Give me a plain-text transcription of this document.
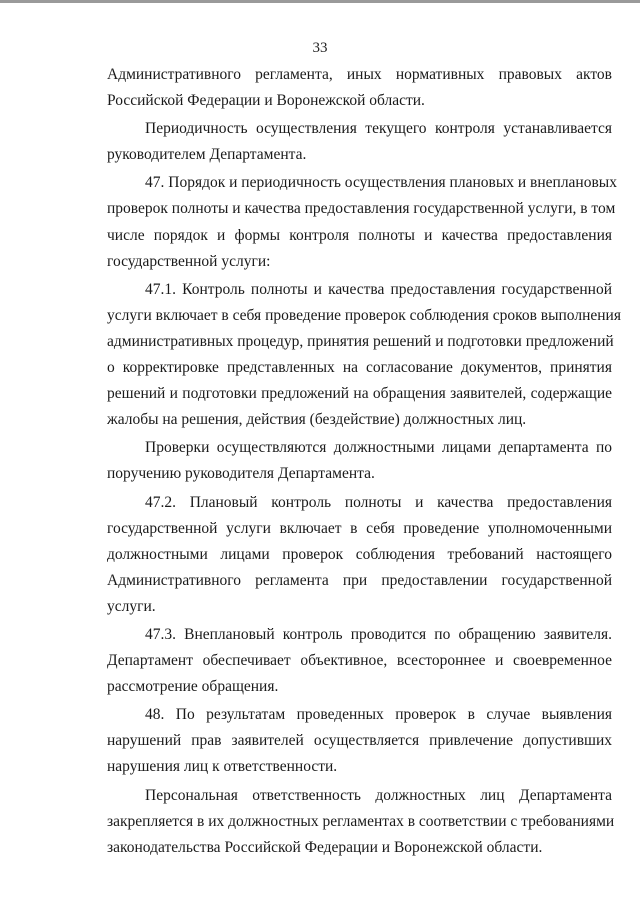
33
Административного регламента, иных нормативных правовых актов
Российской Федерации и Воронежской области.
Периодичность осуществления текущего контроля устанавливается
руководителем Департамента.
47. Порядок и периодичность осуществления плановых и внеплановых
проверок полноты и качества предоставления государственной услуги, в том
числе порядок и формы контроля полноты и качества предоставления
государственной услуги:
47.1. Контроль полноты и качества предоставления государственной
услуги включает в себя проведение проверок соблюдения сроков выполнения
административных процедур, принятия решений и подготовки предложений
о корректировке представленных на согласование документов, принятия
решений и подготовки предложений на обращения заявителей, содержащие
жалобы на решения, действия (бездействие) должностных лиц.
Проверки осуществляются должностными лицами департамента по
поручению руководителя Департамента.
47.2. Плановый контроль полноты и качества предоставления
государственной услуги включает в себя проведение уполномоченными
должностными лицами проверок соблюдения требований настоящего
Административного регламента при предоставлении государственной
услуги.
47.3. Внеплановый контроль проводится по обращению заявителя.
Департамент обеспечивает объективное, всестороннее и своевременное
рассмотрение обращения.
48. По результатам проведенных проверок в случае выявления
нарушений прав заявителей осуществляется привлечение допустивших
нарушения лиц к ответственности.
Персональная ответственность должностных лиц Департамента
закрепляется в их должностных регламентах в соответствии с требованиями
законодательства Российской Федерации и Воронежской области.
